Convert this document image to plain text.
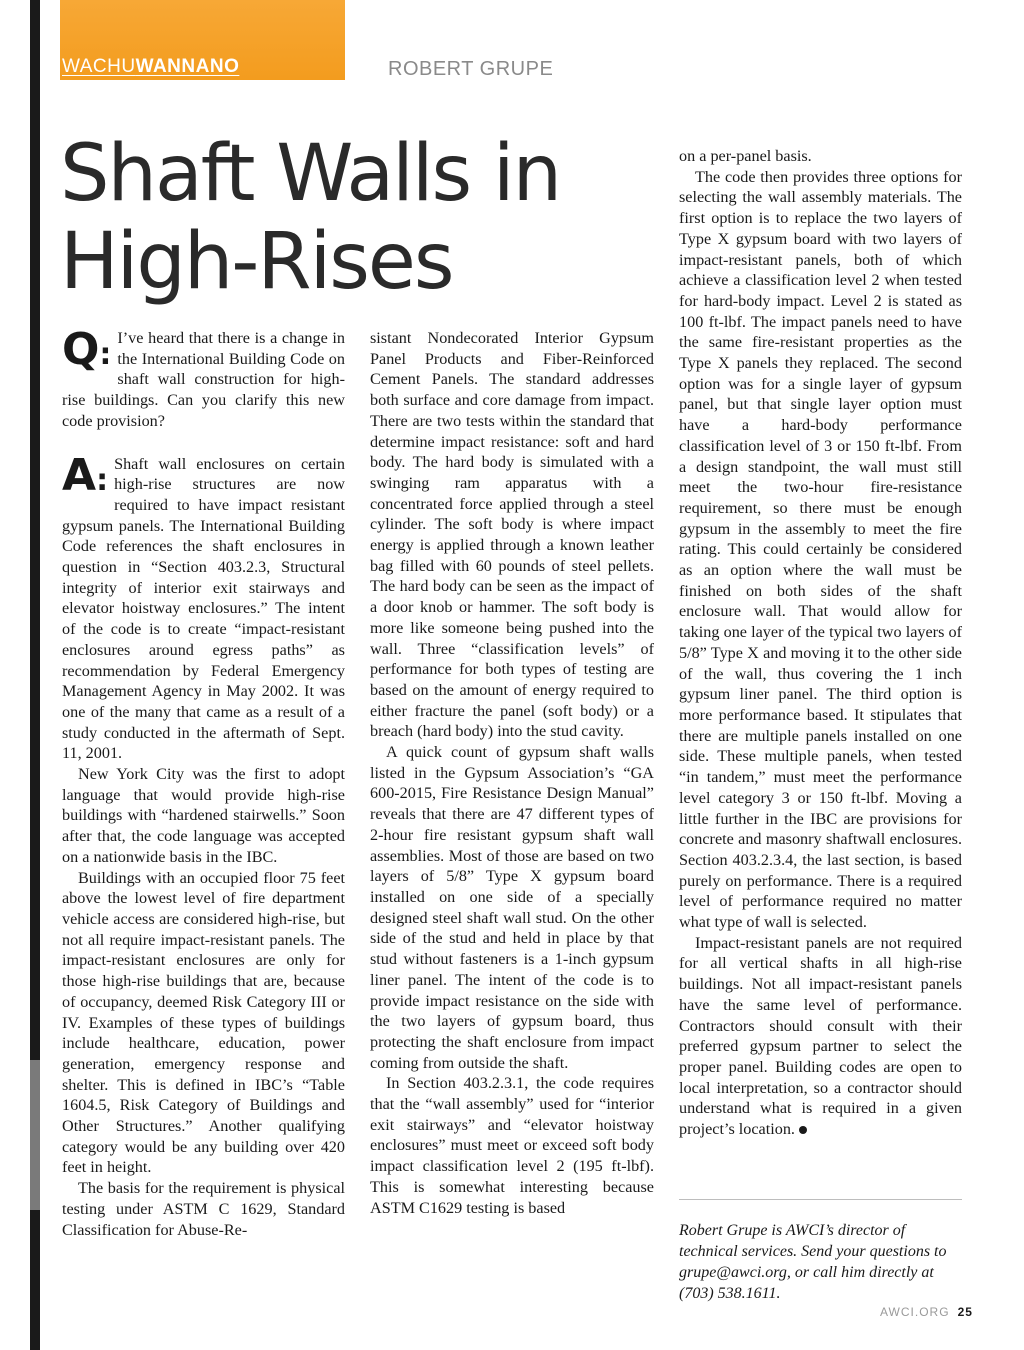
WACHUWANNANO	ROBERT GRUPE
Shaft Walls in
High-Rises
Q: I’ve heard that there is a change in the International Building Code on shaft wall construction for high-rise buildings. Can you clarify this new code provision?

A: Shaft wall enclosures on certain high-rise structures are now required to have impact resistant gypsum panels. The International Building Code references the shaft enclosures in question in “Section 403.2.3, Structural integrity of interior exit stairways and elevator hoistway enclosures.” The intent of the code is to create “impact-resistant enclosures around egress paths” as recommendation by Federal Emergency Management Agency in May 2002. It was one of the many that came as a result of a study conducted in the aftermath of Sept. 11, 2001.

New York City was the first to adopt language that would provide high-rise buildings with “hardened stairwells.” Soon after that, the code language was accepted on a nationwide basis in the IBC.

Buildings with an occupied floor 75 feet above the lowest level of fire department vehicle access are considered high-rise, but not all require impact-resistant panels. The impact-resistant enclosures are only for those high-rise buildings that are, because of occupancy, deemed Risk Category III or IV. Examples of these types of buildings include healthcare, education, power generation, emergency response and shelter. This is defined in IBC’s “Table 1604.5, Risk Category of Buildings and Other Structures.” Another qualifying category would be any building over 420 feet in height.

The basis for the requirement is physical testing under ASTM C 1629, Standard Classification for Abuse-Re-

sistant Nondecorated Interior Gypsum Panel Products and Fiber-Reinforced Cement Panels. The standard addresses both surface and core damage from impact. There are two tests within the standard that determine impact resistance: soft and hard body. The hard body is simulated with a swinging ram apparatus with a concentrated force applied through a steel cylinder. The soft body is where impact energy is applied through a known leather bag filled with 60 pounds of steel pellets. The hard body can be seen as the impact of a door knob or hammer. The soft body is more like someone being pushed into the wall. Three “classification levels” of performance for both types of testing are based on the amount of energy required to either fracture the panel (soft body) or a breach (hard body) into the stud cavity.

A quick count of gypsum shaft walls listed in the Gypsum Association’s “GA 600-2015, Fire Resistance Design Manual” reveals that there are 47 different types of 2-hour fire resistant gypsum shaft wall assemblies. Most of those are based on two layers of 5/8” Type X gypsum board installed on one side of a specially designed steel shaft wall stud. On the other side of the stud and held in place by that stud without fasteners is a 1-inch gypsum liner panel. The intent of the code is to provide impact resistance on the side with the two layers of gypsum board, thus protecting the shaft enclosure from impact coming from outside the shaft.

In Section 403.2.3.1, the code requires that the “wall assembly” used for “interior exit stairways” and “elevator hoistway enclosures” must meet or exceed soft body impact classification level 2 (195 ft-lbf). This is somewhat interesting because ASTM C1629 testing is based

on a per-panel basis.

The code then provides three options for selecting the wall assembly materials. The first option is to replace the two layers of Type X gypsum board with two layers of impact-resistant panels, both of which achieve a classification level 2 when tested for hard-body impact. Level 2 is stated as 100 ft-lbf. The impact panels need to have the same fire-resistant properties as the Type X panels they replaced. The second option was for a single layer of gypsum panel, but that single layer option must have a hard-body performance classification level of 3 or 150 ft-lbf. From a design standpoint, the wall must still meet the two-hour fire-resistance requirement, so there must be enough gypsum in the assembly to meet the fire rating. This could certainly be considered as an option where the wall must be finished on both sides of the shaft enclosure wall. That would allow for taking one layer of the typical two layers of 5/8” Type X and moving it to the other side of the wall, thus covering the 1 inch gypsum liner panel. The third option is more performance based. It stipulates that there are multiple panels installed on one side. These multiple panels, when tested “in tandem,” must meet the performance level category 3 or 150 ft-lbf. Moving a little further in the IBC are provisions for concrete and masonry shaftwall enclosures. Section 403.2.3.4, the last section, is based purely on performance. There is a required level of performance required no matter what type of wall is selected.

Impact-resistant panels are not required for all vertical shafts in all high-rise buildings. Not all impact-resistant panels have the same level of performance. Contractors should consult with their preferred gypsum partner to select the proper panel. Building codes are open to local interpretation, so a contractor should understand what is required in a given project’s location.

Robert Grupe is AWCI’s director of technical services. Send your questions to grupe@awci.org, or call him directly at (703) 538.1611.
AWCI.ORG 25
